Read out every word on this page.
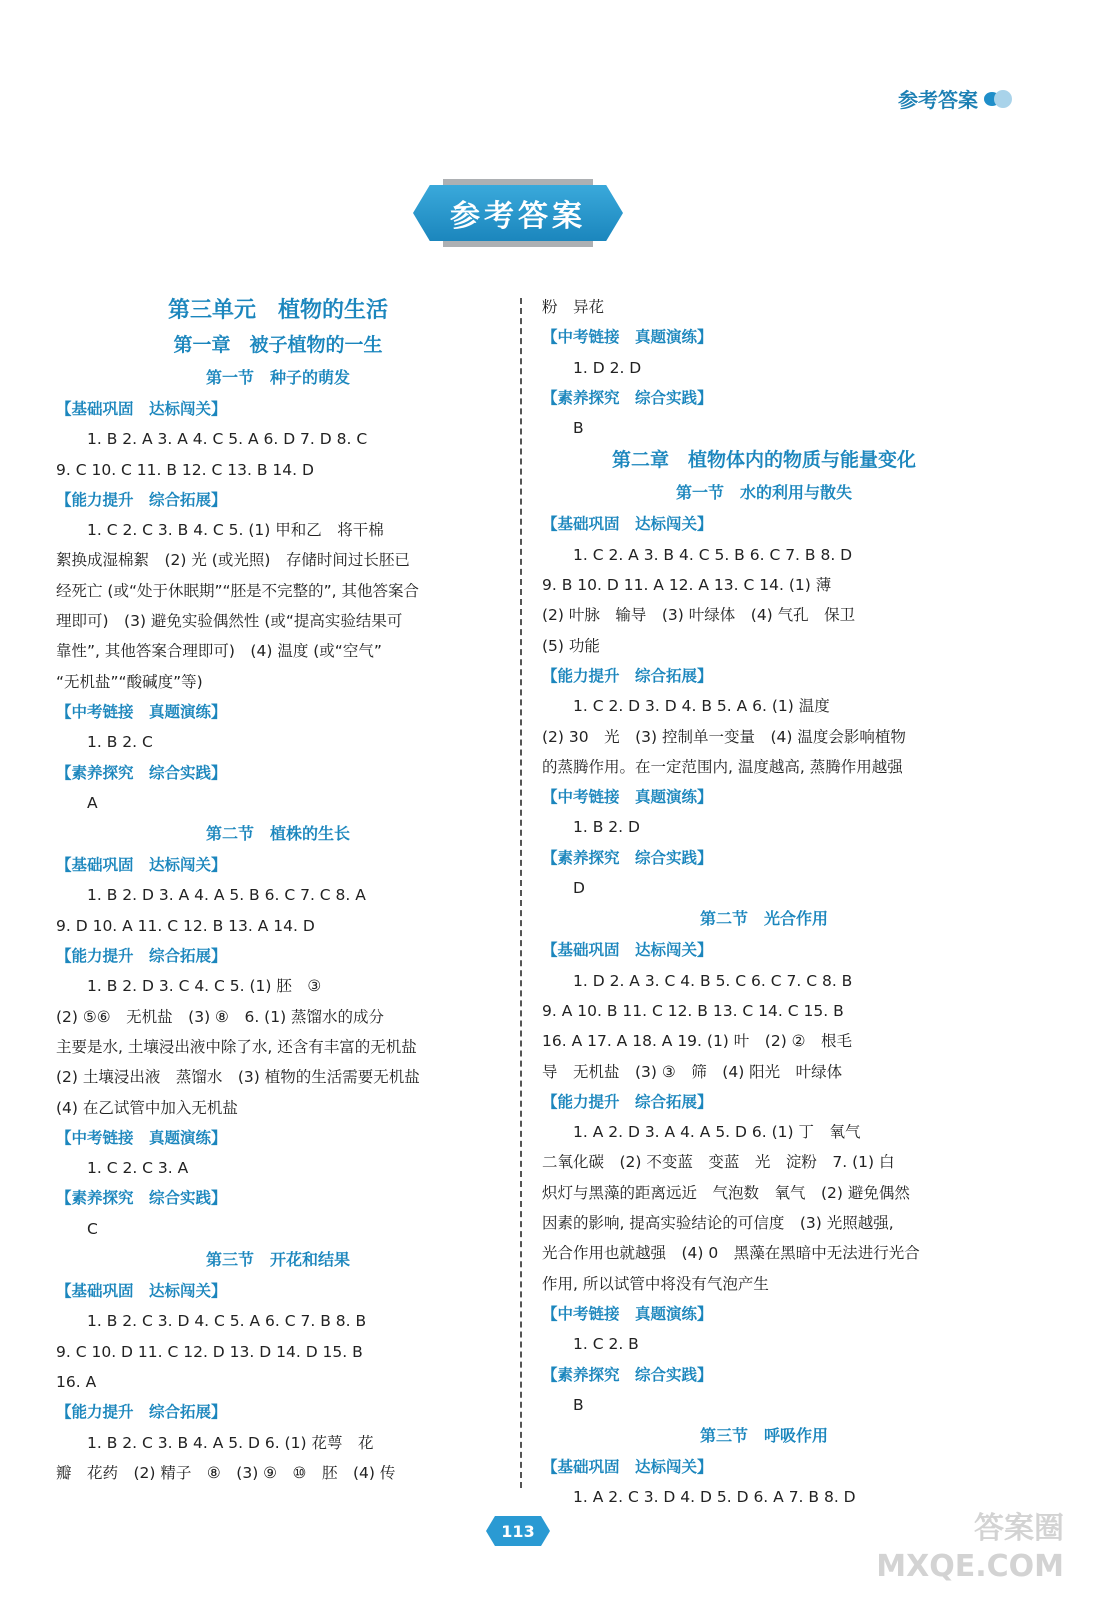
参考答案
参考答案

第三单元　植物的生活

第一章　被子植物的一生

第一节　种子的萌发

【基础巩固　达标闯关】

1. B 2. A 3. A 4. C 5. A 6. D 7. D 8. C

9. C 10. C 11. B 12. C 13. B 14. D

【能力提升　综合拓展】

1. C 2. C 3. B 4. C 5. (1) 甲和乙　将干棉

絮换成湿棉絮　(2) 光 (或光照)　存储时间过长胚已

经死亡 (或“处于休眠期”“胚是不完整的”, 其他答案合

理即可)　(3) 避免实验偶然性 (或“提高实验结果可

靠性”, 其他答案合理即可)　(4) 温度 (或“空气”

“无机盐”“酸碱度”等)

【中考链接　真题演练】

1. B 2. C

【素养探究　综合实践】

A

第二节　植株的生长

【基础巩固　达标闯关】

1. B 2. D 3. A 4. A 5. B 6. C 7. C 8. A

9. D 10. A 11. C 12. B 13. A 14. D

【能力提升　综合拓展】

1. B 2. D 3. C 4. C 5. (1) 胚　③

(2) ⑤⑥　无机盐　(3) ⑧　6. (1) 蒸馏水的成分

主要是水, 土壤浸出液中除了水, 还含有丰富的无机盐

(2) 土壤浸出液　蒸馏水　(3) 植物的生活需要无机盐

(4) 在乙试管中加入无机盐

【中考链接　真题演练】

1. C 2. C 3. A

【素养探究　综合实践】

C

第三节　开花和结果

【基础巩固　达标闯关】

1. B 2. C 3. D 4. C 5. A 6. C 7. B 8. B

9. C 10. D 11. C 12. D 13. D 14. D 15. B

16. A

【能力提升　综合拓展】

1. B 2. C 3. B 4. A 5. D 6. (1) 花萼　花

瓣　花药　(2) 精子　⑧　(3) ⑨　⑩　胚　(4) 传

粉　异花

【中考链接　真题演练】

1. D 2. D

【素养探究　综合实践】

B

第二章　植物体内的物质与能量变化

第一节　水的利用与散失

【基础巩固　达标闯关】

1. C 2. A 3. B 4. C 5. B 6. C 7. B 8. D

9. B 10. D 11. A 12. A 13. C 14. (1) 薄

(2) 叶脉　输导　(3) 叶绿体　(4) 气孔　保卫

(5) 功能

【能力提升　综合拓展】

1. C 2. D 3. D 4. B 5. A 6. (1) 温度

(2) 30　光　(3) 控制单一变量　(4) 温度会影响植物

的蒸腾作用。在一定范围内, 温度越高, 蒸腾作用越强

【中考链接　真题演练】

1. B 2. D

【素养探究　综合实践】

D

第二节　光合作用

【基础巩固　达标闯关】

1. D 2. A 3. C 4. B 5. C 6. C 7. C 8. B

9. A 10. B 11. C 12. B 13. C 14. C 15. B

16. A 17. A 18. A 19. (1) 叶　(2) ②　根毛

导　无机盐　(3) ③　筛　(4) 阳光　叶绿体

【能力提升　综合拓展】

1. A 2. D 3. A 4. A 5. D 6. (1) 丁　氧气

二氧化碳　(2) 不变蓝　变蓝　光　淀粉　7. (1) 白

炽灯与黑藻的距离远近　气泡数　氧气　(2) 避免偶然

因素的影响, 提高实验结论的可信度　(3) 光照越强,

光合作用也就越强　(4) 0　黑藻在黑暗中无法进行光合

作用, 所以试管中将没有气泡产生

【中考链接　真题演练】

1. C 2. B

【素养探究　综合实践】

B

第三节　呼吸作用

【基础巩固　达标闯关】

1. A 2. C 3. D 4. D 5. D 6. A 7. B 8. D

113	答案圈
MXQE.COM
